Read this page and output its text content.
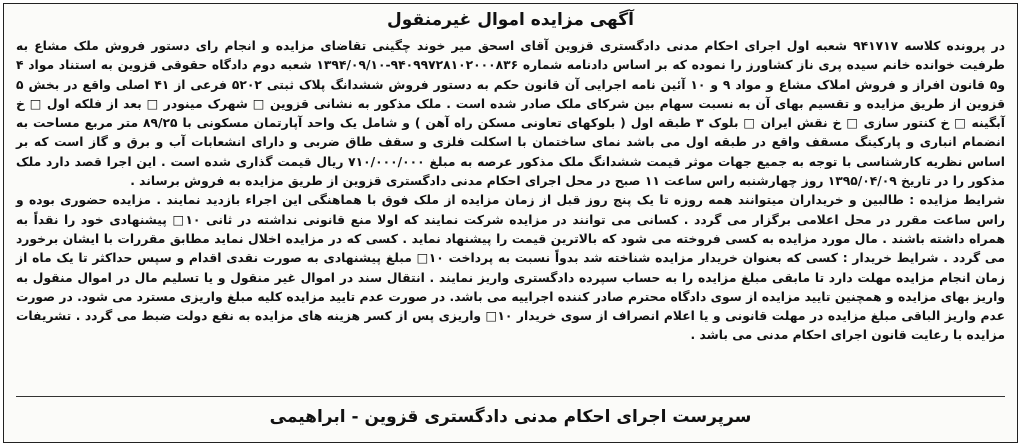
آگهی مزایده اموال غیرمنقول

در پرونده کلاسه ۹۴۱۷۱۷ شعبه اول اجرای احکام مدنی دادگستری قزوین آقای اسحق میر خوند چگینی تقاضای مزایده و انجام رای دستور فروش ملک مشاع به طرفیت خوانده خانم سیده پری ناز کشاورز را نموده که بر اساس دادنامه شماره ۹۴۰۹۹۷۲۸۱۰۲۰۰۰۸۳۶-۱۳۹۴/۰۹/۱۰ شعبه دوم دادگاه حقوقی قزوین به استناد مواد ۴ و۵ قانون افراز و فروش املاک مشاع و مواد ۹ و ۱۰ آئین نامه اجرایی آن قانون حکم به دستور فروش ششدانگ پلاک ثبتی ۵۲۰۲ فرعی از ۴۱ اصلی واقع در بخش ۵ قزوین از طریق مزایده و تقسیم بهای آن به نسبت سهام بین شرکای ملک صادر شده است . ملک مذکور به نشانی قزوین □ شهرک مینودر □ بعد از فلکه اول □ خ آبگینه □ خ کنتور سازی □ خ نقش ایران □ بلوک ۳ طبقه اول ( بلوکهای تعاونی مسکن راه آهن ) و شامل یک واحد آپارتمان مسکونی با ۸۹/۲۵ متر مربع مساحت به انضمام انباری و پارکینگ مسقف واقع در طبقه اول می باشد نمای ساختمان با اسکلت فلزی و سقف طاق ضربی و دارای انشعابات آب و برق و گاز است که بر اساس نظریه کارشناسی با توجه به جمیع جهات موثر قیمت ششدانگ ملک مذکور عرصه به مبلغ ۷۱۰/۰۰۰/۰۰۰ ریال قیمت گذاری شده است . این اجرا قصد دارد ملک مذکور را در تاریخ ۱۳۹۵/۰۴/۰۹ روز چهارشنبه راس ساعت ۱۱ صبح در محل اجرای احکام مدنی دادگستری قزوین از طریق مزایده به فروش برساند .

شرایط مزایده : طالبین و خریداران میتوانند همه روزه تا یک پنج روز قبل از زمان مزایده از ملک فوق با هماهنگی این اجراء بازدید نمایند . مزایده حضوری بوده و راس ساعت مقرر در محل اعلامی برگزار می گردد . کسانی می توانند در مزایده شرکت نمایند که اولا منع قانونی نداشته در ثانی ۱۰□ پیشنهادی خود را نقداً به همراه داشته باشند . مال مورد مزایده به کسی فروخته می شود که بالاترین قیمت را پیشنهاد نماید . کسی که در مزایده اخلال نماید مطابق مقررات با ایشان برخورد می گردد . شرایط خریدار : کسی که بعنوان خریدار مزایده شناخته شد بدواً نسبت به پرداخت ۱۰□ مبلغ پیشنهادی به صورت نقدی اقدام و سپس حداکثر تا یک ماه از زمان انجام مزایده مهلت دارد تا مابقی مبلغ مزایده را به حساب سپرده دادگستری واریز نمایند . انتقال سند در اموال غیر منقول و یا تسلیم مال در اموال منقول به واریز بهای مزایده و همچنین تایید مزایده از سوی دادگاه محترم صادر کننده اجراییه می باشد. در صورت عدم تایید مزایده کلیه مبلغ واریزی مسترد می شود. در صورت عدم واریز الباقی مبلغ مزایده در مهلت قانونی و یا اعلام انصراف از سوی خریدار ۱۰□ واریزی پس از کسر هزینه های مزایده به نفع دولت ضبط می گردد . تشریفات مزایده با رعایت قانون اجرای احکام مدنی می باشد .

سرپرست اجرای احکام مدنی دادگستری قزوین - ابراهیمی
